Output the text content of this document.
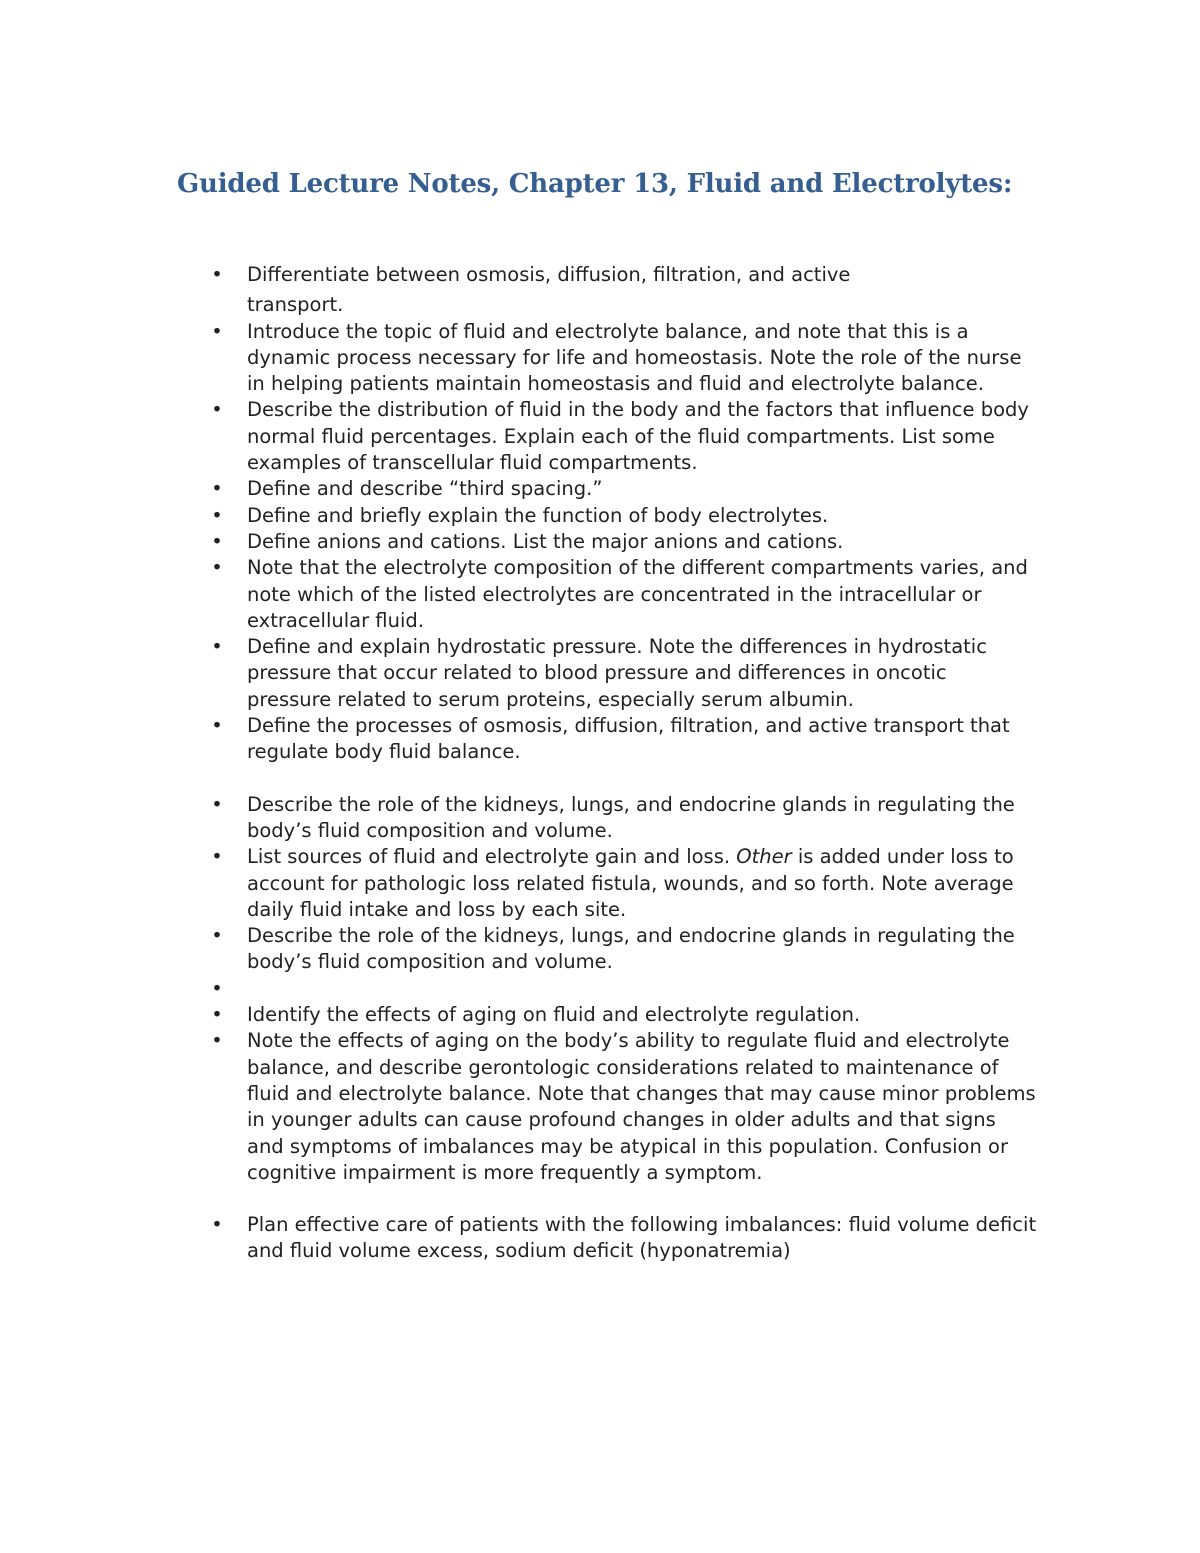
Guided Lecture Notes, Chapter 13, Fluid and Electrolytes:
• Differentiate between osmosis, diffusion, filtration, and active
transport.
• Introduce the topic of fluid and electrolyte balance, and note that this is a dynamic process necessary for life and homeostasis. Note the role of the nurse in helping patients maintain homeostasis and fluid and electrolyte balance.
• Describe the distribution of fluid in the body and the factors that influence body normal fluid percentages. Explain each of the fluid compartments. List some examples of transcellular fluid compartments.
• Define and describe “third spacing.”
• Define and briefly explain the function of body electrolytes.
• Define anions and cations. List the major anions and cations.
• Note that the electrolyte composition of the different compartments varies, and note which of the listed electrolytes are concentrated in the intracellular or extracellular fluid.
• Define and explain hydrostatic pressure. Note the differences in hydrostatic pressure that occur related to blood pressure and differences in oncotic pressure related to serum proteins, especially serum albumin.
• Define the processes of osmosis, diffusion, filtration, and active transport that regulate body fluid balance.
• Describe the role of the kidneys, lungs, and endocrine glands in regulating the body’s fluid composition and volume.
• List sources of fluid and electrolyte gain and loss. Other is added under loss to account for pathologic loss related fistula, wounds, and so forth. Note average daily fluid intake and loss by each site.
• Describe the role of the kidneys, lungs, and endocrine glands in regulating the body’s fluid composition and volume.
•
• Identify the effects of aging on fluid and electrolyte regulation.
• Note the effects of aging on the body’s ability to regulate fluid and electrolyte balance, and describe gerontologic considerations related to maintenance of fluid and electrolyte balance. Note that changes that may cause minor problems in younger adults can cause profound changes in older adults and that signs and symptoms of imbalances may be atypical in this population. Confusion or cognitive impairment is more frequently a symptom.
• Plan effective care of patients with the following imbalances: fluid volume deficit and fluid volume excess, sodium deficit (hyponatremia)
